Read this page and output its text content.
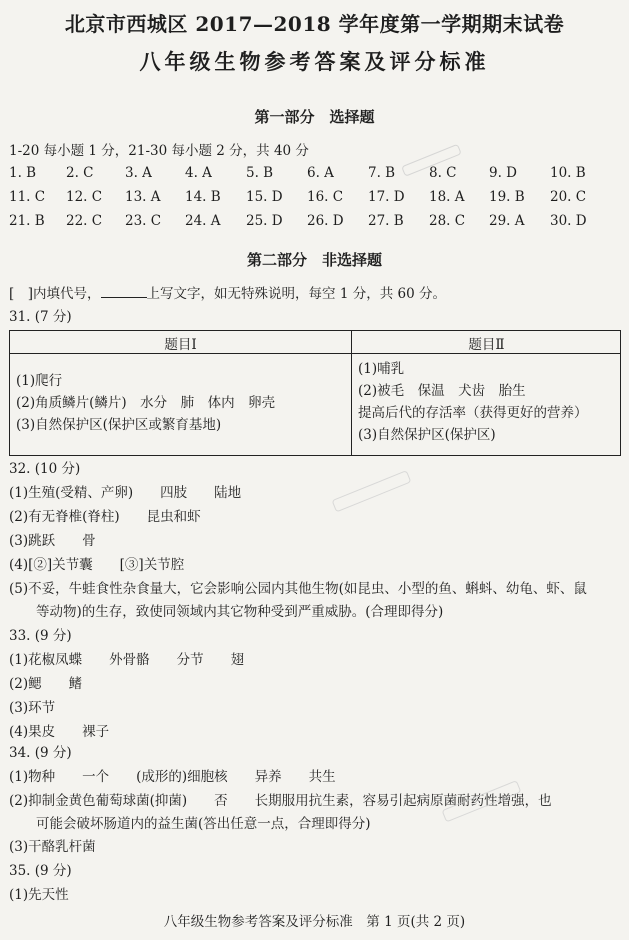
北京市西城区 2017—2018 学年度第一学期期末试卷
八年级生物参考答案及评分标准
第一部分　选择题
1-20 每小题 1 分，21-30 每小题 2 分，共 40 分
1. B 2. C 3. A 4. A	5. B	6. A	7. B	8. C 9. D 10. B
11. C 12. C 13. A 14. B 15. D 16. C 17. D 18. A 19. B 20. C
21. B 22. C 23. C 24. A 25. D 26. D 27. B 28. C 29. A 30. D
第二部分　非选择题
[　]内填代号，	上写文字，如无特殊说明，每空 1 分，共 60 分。
31. (7 分)
题目Ⅰ	题目Ⅱ
(1)爬行
(2)角质鳞片(鳞片)　水分　肺　体内　卵壳
(3)自然保护区(保护区或繁育基地)
(1)哺乳
(2)被毛　保温　犬齿　胎生
提高后代的存活率（获得更好的营养）
(3)自然保护区(保护区)
32. (10 分)
(1)生殖(受精、产卵)　　四肢　　陆地
(2)有无脊椎(脊柱)　　昆虫和虾
(3)跳跃　　骨
(4)[②]关节囊　　[③]关节腔
(5)不妥，牛蛙食性杂食量大，它会影响公园内其他生物(如昆虫、小型的鱼、蝌蚪、幼龟、虾、鼠
　　等动物)的生存，致使同领域内其它物种受到严重威胁。(合理即得分)
33. (9 分)
(1)花椒凤蝶　　外骨骼　　分节　　翅
(2)鳃　　鳍
(3)环节
(4)果皮　　裸子
34. (9 分)
(1)物种　　一个　　(成形的)细胞核　　异养　　共生
(2)抑制金黄色葡萄球菌(抑菌)　　否　　长期服用抗生素，容易引起病原菌耐药性增强，也
　　可能会破坏肠道内的益生菌(答出任意一点，合理即得分)
(3)干酪乳杆菌
35. (9 分)
(1)先天性
八年级生物参考答案及评分标准　第 1 页(共 2 页)
